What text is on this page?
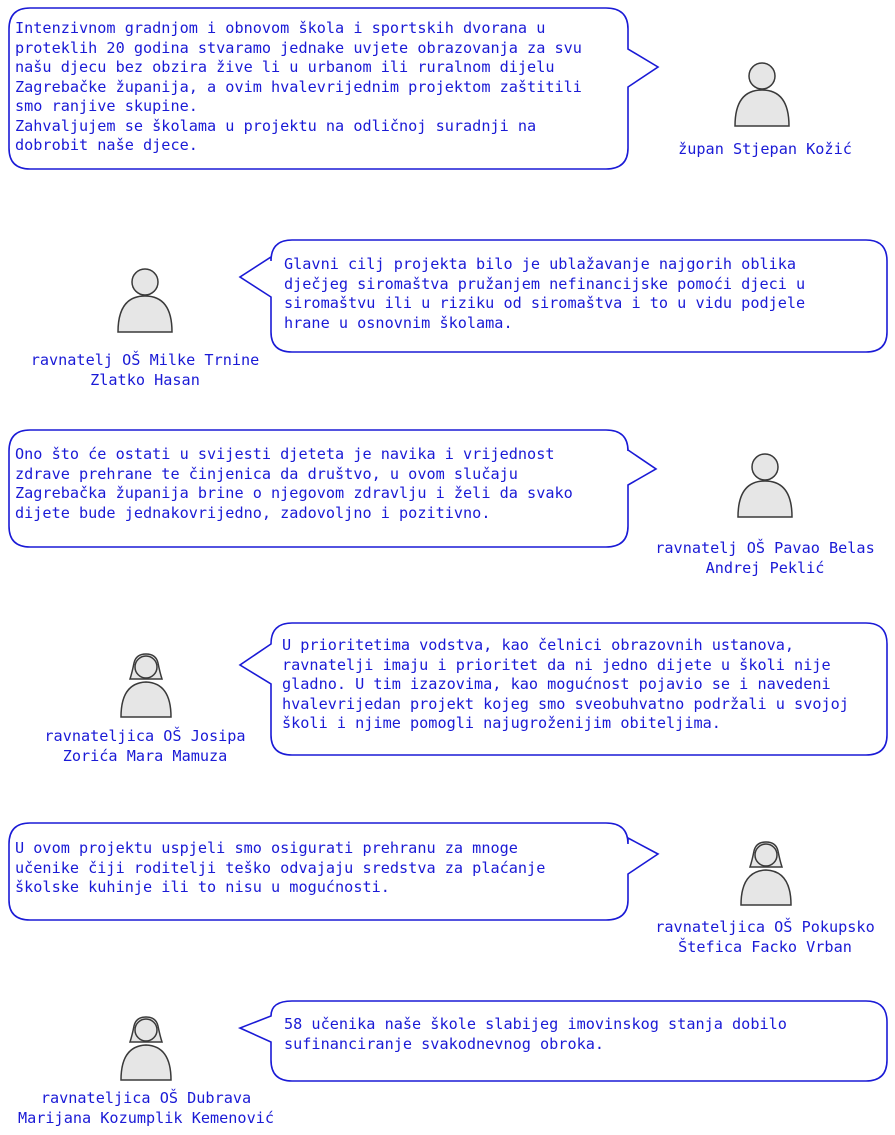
Intenzivnom gradnjom i obnovom škola i sportskih dvorana u
proteklih 20 godina stvaramo jednake uvjete obrazovanja za svu
našu djecu bez obzira žive li u urbanom ili ruralnom dijelu
Zagrebačke županija, a ovim hvalevrijednim projektom zaštitili
smo ranjive skupine.
Zahvaljujem se školama u projektu na odličnoj suradnji na
dobrobit naše djece.	župan Stjepan Kožić
Glavni cilj projekta bilo je ublažavanje najgorih oblika
dječjeg siromaštva pružanjem nefinancijske pomoći djeci u
siromaštvu ili u riziku od siromaštva i to u vidu podjele
hrane u osnovnim školama.
ravnatelj OŠ Milke Trnine
Zlatko Hasan
Ono što će ostati u svijesti djeteta je navika i vrijednost
zdrave prehrane te činjenica da društvo, u ovom slučaju
Zagrebačka županija brine o njegovom zdravlju i želi da svako
dijete bude jednakovrijedno, zadovoljno i pozitivno.
ravnatelj OŠ Pavao Belas
Andrej Peklić
U prioritetima vodstva, kao čelnici obrazovnih ustanova,
ravnatelji imaju i prioritet da ni jedno dijete u školi nije
gladno. U tim izazovima, kao mogućnost pojavio se i navedeni
hvalevrijedan projekt kojeg smo sveobuhvatno podržali u svojoj
školi i njime pomogli najugroženijim obiteljima.
ravnateljica OŠ Josipa
Zorića Mara Mamuza
U ovom projektu uspjeli smo osigurati prehranu za mnoge
učenike čiji roditelji teško odvajaju sredstva za plaćanje
školske kuhinje ili to nisu u mogućnosti.
ravnateljica OŠ Pokupsko
Štefica Facko Vrban
58 učenika naše škole slabijeg imovinskog stanja dobilo
sufinanciranje svakodnevnog obroka.
ravnateljica OŠ Dubrava
Marijana Kozumplik Kemenović
